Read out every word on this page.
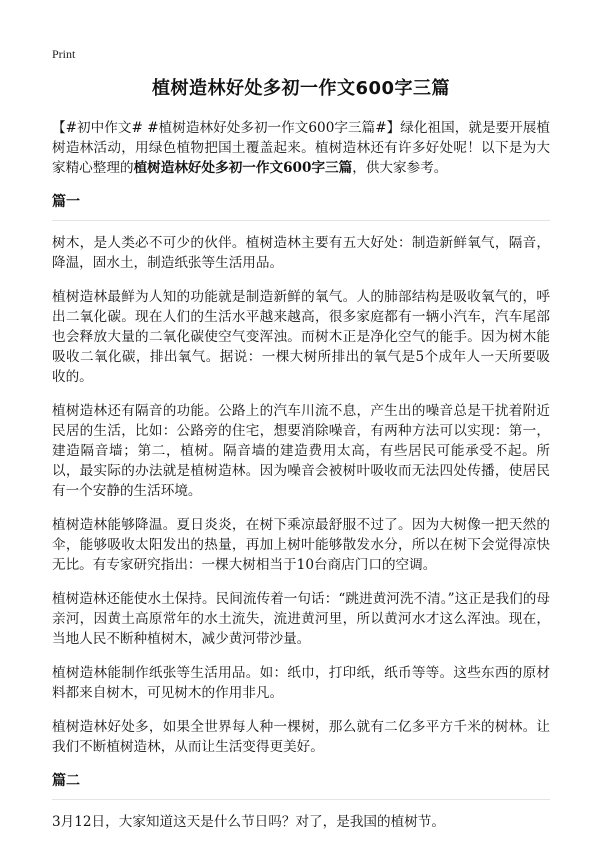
Print
植树造林好处多初一作文600字三篇

【#初中作文# #植树造林好处多初一作文600字三篇#】绿化祖国，就是要开展植树造林活动，用绿色植物把国土覆盖起来。植树造林还有许多好处呢！以下是为大家精心整理的植树造林好处多初一作文600字三篇，供大家参考。

篇一

树木，是人类必不可少的伙伴。植树造林主要有五大好处：制造新鲜氧气，隔音，降温，固水土，制造纸张等生活用品。

植树造林最鲜为人知的功能就是制造新鲜的氧气。人的肺部结构是吸收氧气的，呼出二氧化碳。现在人们的生活水平越来越高，很多家庭都有一辆小汽车，汽车尾部也会释放大量的二氧化碳使空气变浑浊。而树木正是净化空气的能手。因为树木能吸收二氧化碳，排出氧气。据说：一棵大树所排出的氧气是5个成年人一天所要吸收的。

植树造林还有隔音的功能。公路上的汽车川流不息，产生出的噪音总是干扰着附近民居的生活，比如：公路旁的住宅，想要消除噪音，有两种方法可以实现：第一，建造隔音墙；第二，植树。隔音墙的建造费用太高，有些居民可能承受不起。所以，最实际的办法就是植树造林。因为噪音会被树叶吸收而无法四处传播，使居民有一个安静的生活环境。

植树造林能够降温。夏日炎炎，在树下乘凉最舒服不过了。因为大树像一把天然的伞，能够吸收太阳发出的热量，再加上树叶能够散发水分，所以在树下会觉得凉快无比。有专家研究指出：一棵大树相当于10台商店门口的空调。

植树造林还能使水土保持。民间流传着一句话：“跳进黄河洗不清。”这正是我们的母亲河，因黄土高原常年的水土流失，流进黄河里，所以黄河水才这么浑浊。现在，当地人民不断种植树木，减少黄河带沙量。

植树造林能制作纸张等生活用品。如：纸巾，打印纸，纸币等等。这些东西的原材料都来自树木，可见树木的作用非凡。

植树造林好处多，如果全世界每人种一棵树，那么就有二亿多平方千米的树林。让我们不断植树造林，从而让生活变得更美好。

篇二

3月12日，大家知道这天是什么节日吗？对了，是我国的植树节。
